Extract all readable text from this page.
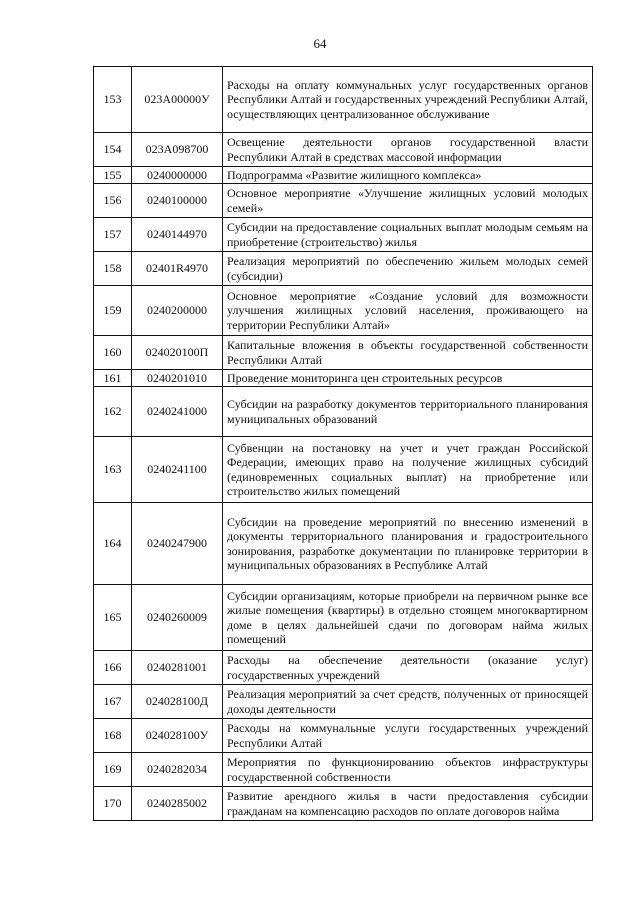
64
153	023А00000У	Расходы на оплату коммунальных услуг государственных органов Республики Алтай и государственных учреждений Республики Алтай, осуществляющих централизованное обслуживание
154	023А098700	Освещение деятельности органов государственной власти Республики Алтай в средствах массовой информации
155	0240000000	Подпрограмма «Развитие жилищного комплекса»
156	0240100000	Основное мероприятие «Улучшение жилищных условий молодых семей»
157	0240144970	Субсидии на предоставление социальных выплат молодым семьям на приобретение (строительство) жилья
158	02401R4970	Реализация мероприятий по обеспечению жильем молодых семей (субсидии)
159	0240200000	Основное мероприятие «Создание условий для возможности улучшения жилищных условий населения, проживающего на территории Республики Алтай»
160	024020100П	Капитальные вложения в объекты государственной собственности Республики Алтай
161	0240201010	Проведение мониторинга цен строительных ресурсов
162	0240241000	Субсидии на разработку документов территориального планирования муниципальных образований
163	0240241100	Субвенции на постановку на учет и учет граждан Российской Федерации, имеющих право на получение жилищных субсидий (единовременных социальных выплат) на приобретение или строительство жилых помещений
164	0240247900	Субсидии на проведение мероприятий по внесению изменений в документы территориального планирования и градостроительного зонирования, разработке документации по планировке территории в муниципальных образованиях в Республике Алтай
165	0240260009	Субсидии организациям, которые приобрели на первичном рынке все жилые помещения (квартиры) в отдельно стоящем многоквартирном доме в целях дальнейшей сдачи по договорам найма жилых помещений
166	0240281001	Расходы на обеспечение деятельности (оказание услуг) государственных учреждений
167	024028100Д	Реализация мероприятий за счет средств, полученных от приносящей доходы деятельности
168	024028100У	Расходы на коммунальные услуги государственных учреждений Республики Алтай
169	0240282034	Мероприятия по функционированию объектов инфраструктуры государственной собственности
170	0240285002	Развитие арендного жилья в части предоставления субсидии гражданам на компенсацию расходов по оплате договоров найма
